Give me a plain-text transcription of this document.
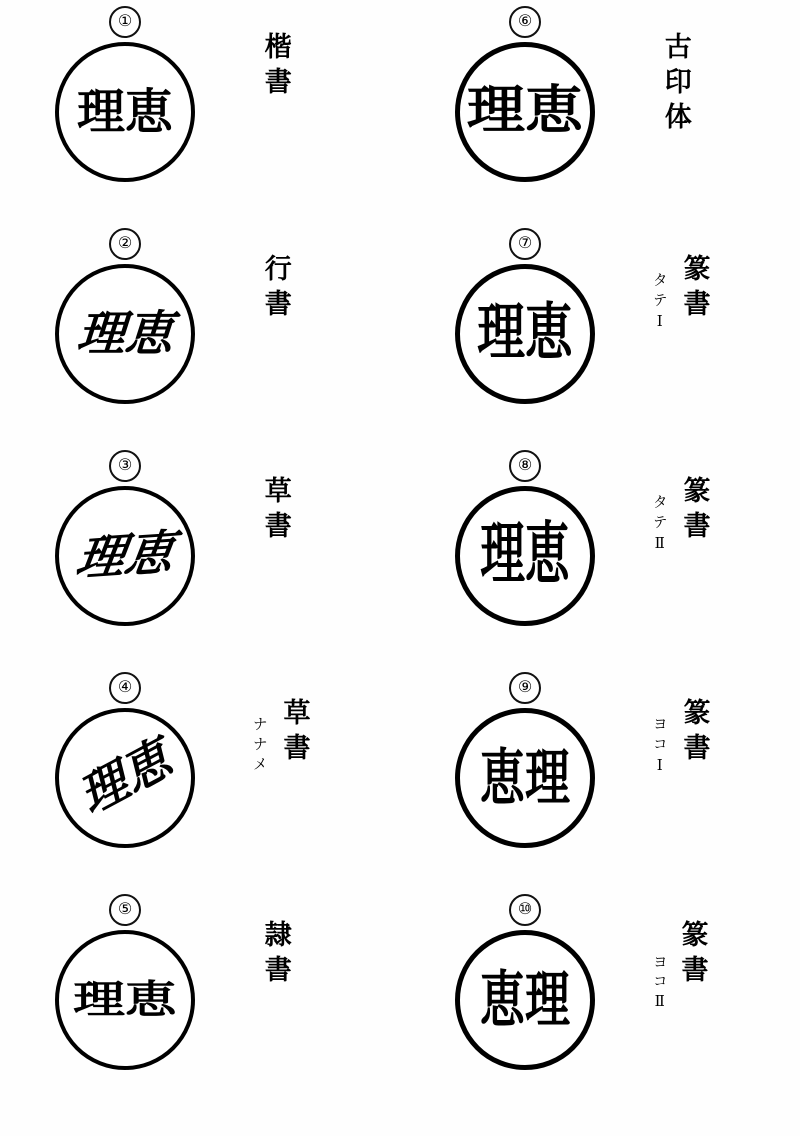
①
理恵
楷書
②
理恵
行書
③
理恵
草書
④
理恵	草書
ナナメ
⑤
理恵
隷書
⑥
理恵	古印体
⑦
理恵
篆書
タテⅠ
⑧
理恵
篆書
タテⅡ
⑨
恵理
篆書
ヨコⅠ
⑩
恵理
篆書
ヨコⅡ
